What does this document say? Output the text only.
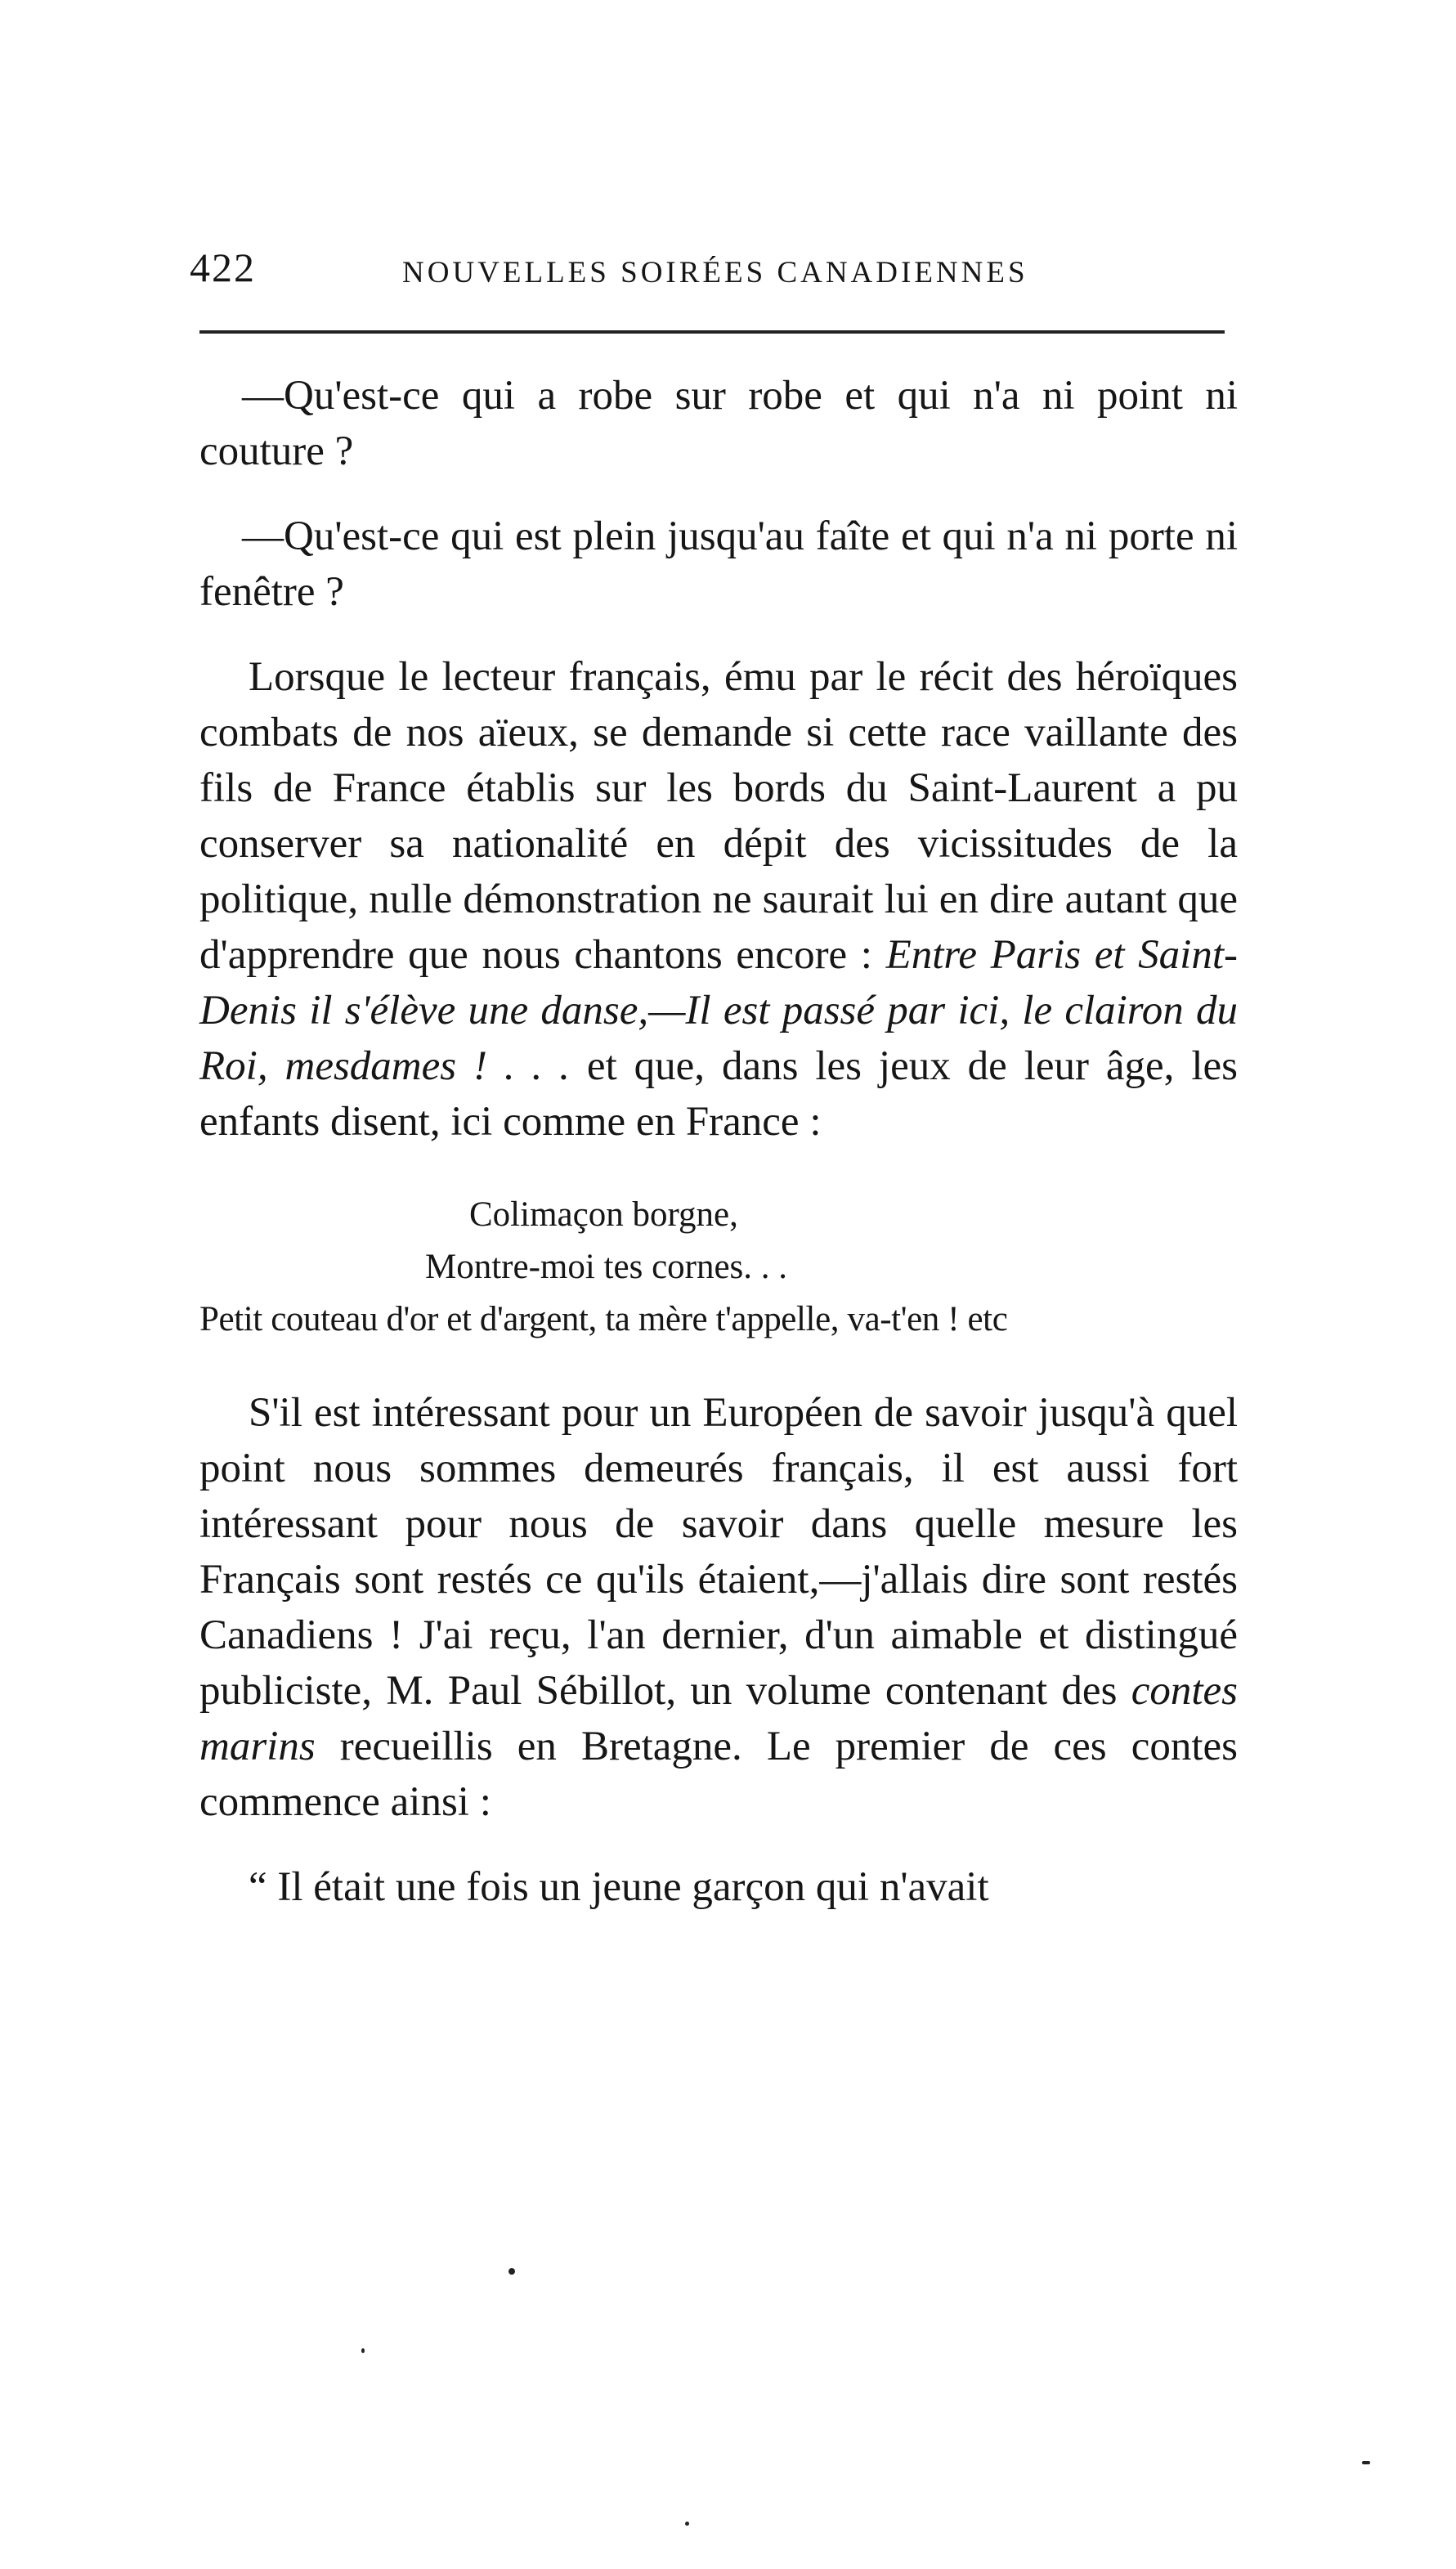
422	NOUVELLES SOIRÉES CANADIENNES

—Qu'est-ce qui a robe sur robe et qui n'a ni point ni couture ?

—Qu'est-ce qui est plein jusqu'au faîte et qui n'a ni porte ni fenêtre ?

Lorsque le lecteur français, ému par le récit des héroïques combats de nos aïeux, se demande si cette race vaillante des fils de France établis sur les bords du Saint-Laurent a pu conserver sa nationalité en dépit des vicissitudes de la politique, nulle démonstration ne saurait lui en dire autant que d'apprendre que nous chantons encore : Entre Paris et Saint-Denis il s'élève une danse,—Il est passé par ici, le clairon du Roi, mesdames ! . . . et que, dans les jeux de leur âge, les enfants disent, ici comme en France :

Colimaçon borgne,
Montre-moi tes cornes. . .
Petit couteau d'or et d'argent, ta mère t'appelle, va-t'en ! etc

S'il est intéressant pour un Européen de savoir jusqu'à quel point nous sommes demeurés français, il est aussi fort intéressant pour nous de savoir dans quelle mesure les Français sont restés ce qu'ils étaient,—j'allais dire sont restés Canadiens ! J'ai reçu, l'an dernier, d'un aimable et distingué publiciste, M. Paul Sébillot, un volume contenant des contes marins recueillis en Bretagne. Le premier de ces contes commence ainsi :

“ Il était une fois un jeune garçon qui n'avait
